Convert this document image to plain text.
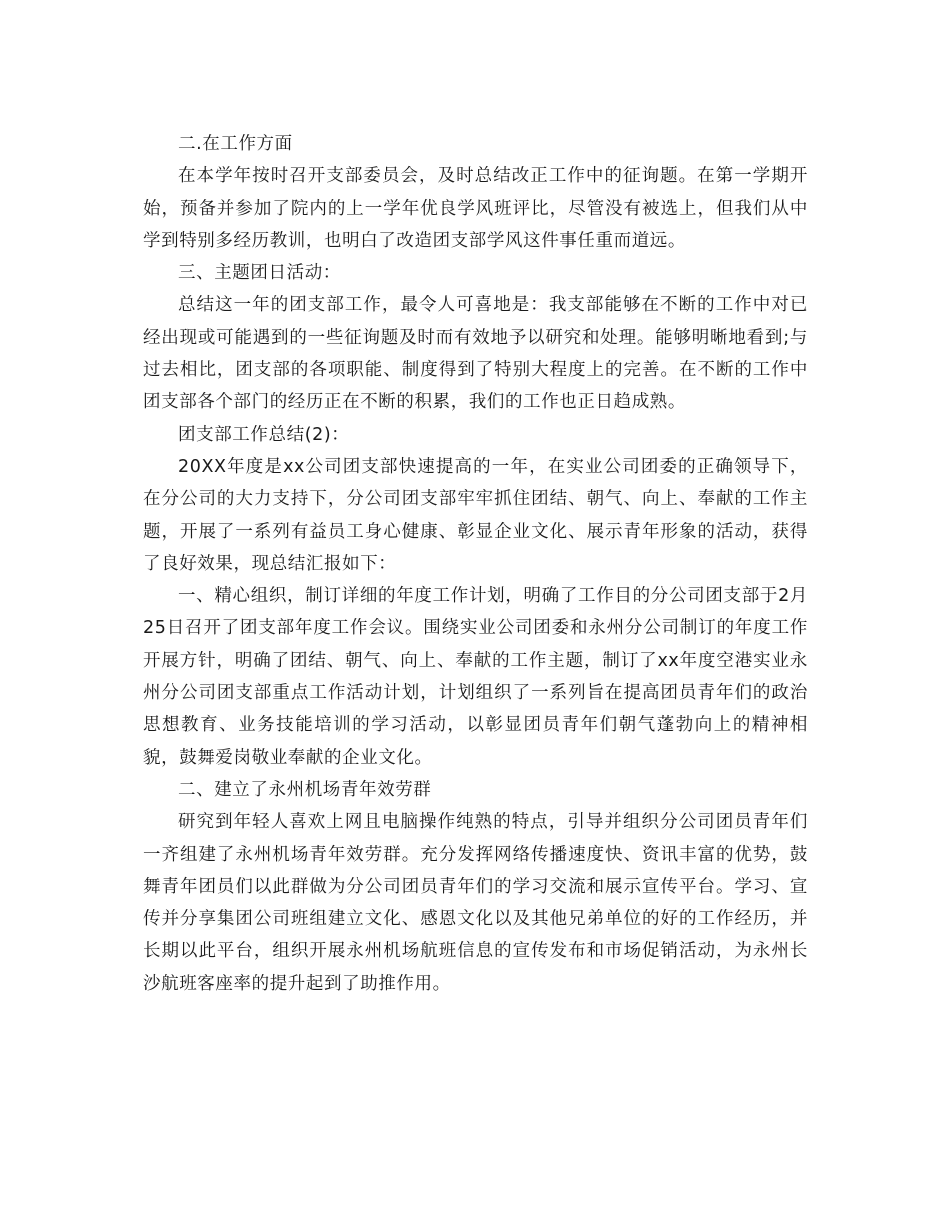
二.在工作方面

在本学年按时召开支部委员会，及时总结改正工作中的征询题。在第一学期开始，预备并参加了院内的上一学年优良学风班评比，尽管没有被选上，但我们从中学到特别多经历教训，也明白了改造团支部学风这件事任重而道远。

三、主题团日活动：

总结这一年的团支部工作，最令人可喜地是：我支部能够在不断的工作中对已经出现或可能遇到的一些征询题及时而有效地予以研究和处理。能够明晰地看到;与过去相比，团支部的各项职能、制度得到了特别大程度上的完善。在不断的工作中团支部各个部门的经历正在不断的积累，我们的工作也正日趋成熟。

团支部工作总结(2)：

20XX年度是xx公司团支部快速提高的一年，在实业公司团委的正确领导下，在分公司的大力支持下，分公司团支部牢牢抓住团结、朝气、向上、奉献的工作主题，开展了一系列有益员工身心健康、彰显企业文化、展示青年形象的活动，获得了良好效果，现总结汇报如下：

一、精心组织，制订详细的年度工作计划，明确了工作目的分公司团支部于2月25日召开了团支部年度工作会议。围绕实业公司团委和永州分公司制订的年度工作开展方针，明确了团结、朝气、向上、奉献的工作主题，制订了xx年度空港实业永州分公司团支部重点工作活动计划，计划组织了一系列旨在提高团员青年们的政治思想教育、业务技能培训的学习活动，以彰显团员青年们朝气蓬勃向上的精神相貌，鼓舞爱岗敬业奉献的企业文化。

二、建立了永州机场青年效劳群

研究到年轻人喜欢上网且电脑操作纯熟的特点，引导并组织分公司团员青年们一齐组建了永州机场青年效劳群。充分发挥网络传播速度快、资讯丰富的优势，鼓舞青年团员们以此群做为分公司团员青年们的学习交流和展示宣传平台。学习、宣传并分享集团公司班组建立文化、感恩文化以及其他兄弟单位的好的工作经历，并长期以此平台，组织开展永州机场航班信息的宣传发布和市场促销活动，为永州长沙航班客座率的提升起到了助推作用。
